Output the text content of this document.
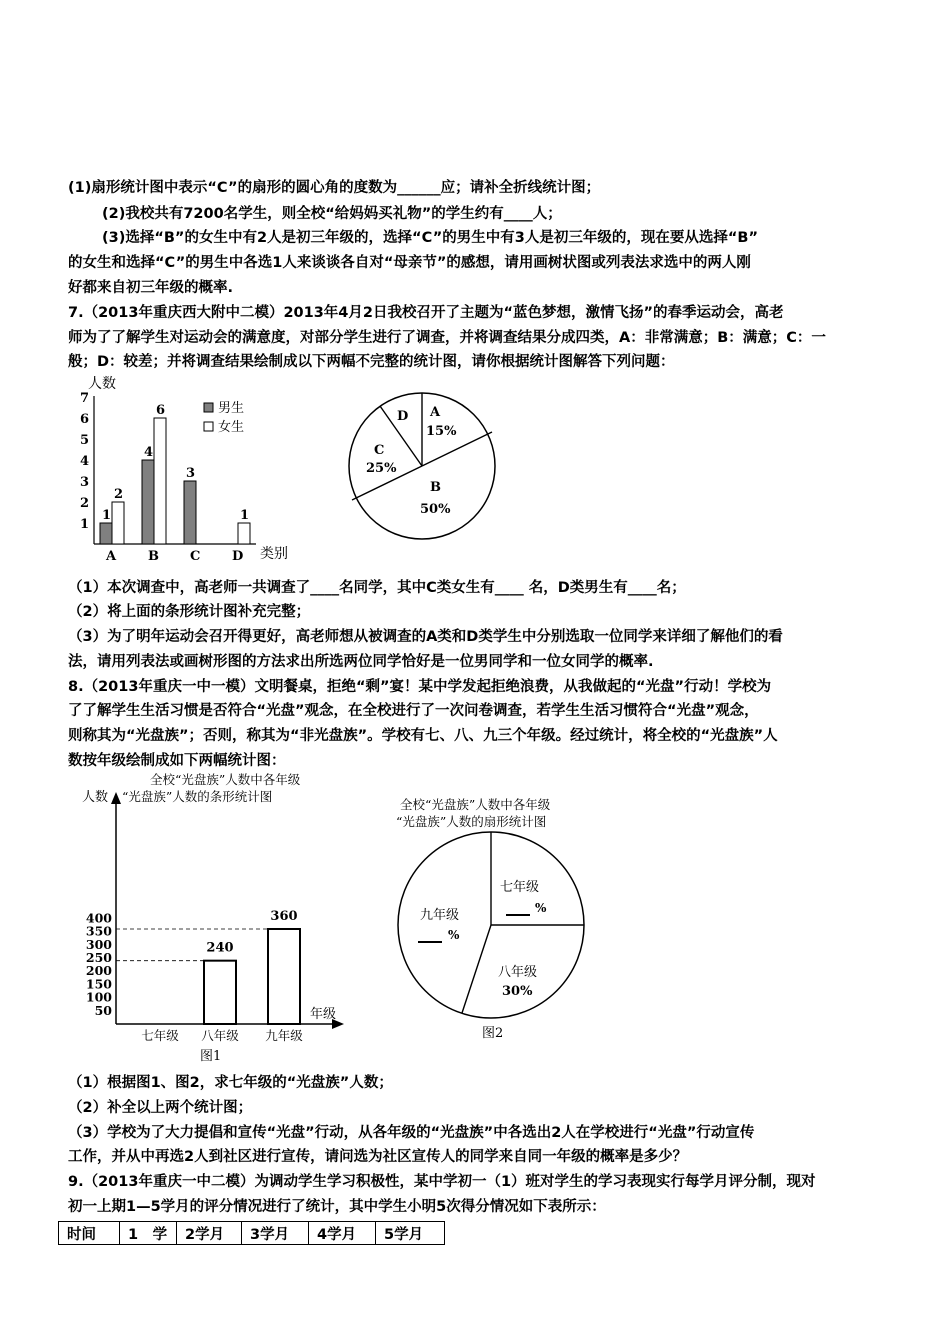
(1)扇形统计图中表示“C”的扇形的圆心角的度数为______应；请补全折线统计图；
(2)我校共有7200名学生，则全校“给妈妈买礼物”的学生约有____人；
(3)选择“B”的女生中有2人是初三年级的，选择“C”的男生中有3人是初三年级的，现在要从选择“B”
的女生和选择“C”的男生中各选1人来谈谈各自对“母亲节”的感想，请用画树状图或列表法求选中的两人刚
好都来自初三年级的概率.
7.（2013年重庆西大附中二模）2013年4月2日我校召开了主题为“蓝色梦想，激情飞扬”的春季运动会，高老
师为了了解学生对运动会的满意度，对部分学生进行了调查，并将调查结果分成四类，A：非常满意；B：满意；C：一
般；D：较差；并将调查结果绘制成以下两幅不完整的统计图，请你根据统计图解答下列问题：
人数
1
2
3
4
5
6
7
1
2
4
6
3
1
A B C D 类别
男生
女生
A
15%
B
50%
C
25%
D
（1）本次调查中，高老师一共调查了____名同学，其中C类女生有____ 名，D类男生有____名；
（2）将上面的条形统计图补充完整；
（3）为了明年运动会召开得更好，高老师想从被调查的A类和D类学生中分别选取一位同学来详细了解他们的看
法，请用列表法或画树形图的方法求出所选两位同学恰好是一位男同学和一位女同学的概率.
8.（2013年重庆一中一模）文明餐桌，拒绝“剩”宴！某中学发起拒绝浪费，从我做起的“光盘”行动！学校为
了了解学生生活习惯是否符合“光盘”观念，在全校进行了一次问卷调查，若学生生活习惯符合“光盘”观念，
则称其为“光盘族”；否则，称其为“非光盘族”。学校有七、八、九三个年级。经过统计，将全校的“光盘族”人
数按年级绘制成如下两幅统计图：
全校“光盘族”人数中各年级
“光盘族”人数的条形统计图
人数
50
100
150
200
250
300
350
400
240
360
七年级 八年级 九年级
年级
图1
全校“光盘族”人数中各年级
“光盘族”人数的扇形统计图
七年级
%
八年级
30%
九年级
%
图2
（1）根据图1、图2，求七年级的“光盘族”人数；
（2）补全以上两个统计图；
（3）学校为了大力提倡和宣传“光盘”行动，从各年级的“光盘族”中各选出2人在学校进行“光盘”行动宣传
工作，并从中再选2人到社区进行宣传，请问选为社区宣传人的同学来自同一年级的概率是多少？
9.（2013年重庆一中二模）为调动学生学习积极性，某中学初一（1）班对学生的学习表现实行每学月评分制，现对
初一上期1—5学月的评分情况进行了统计，其中学生小明5次得分情况如下表所示：
时间	1　学	2学月	3学月	4学月	5学月
